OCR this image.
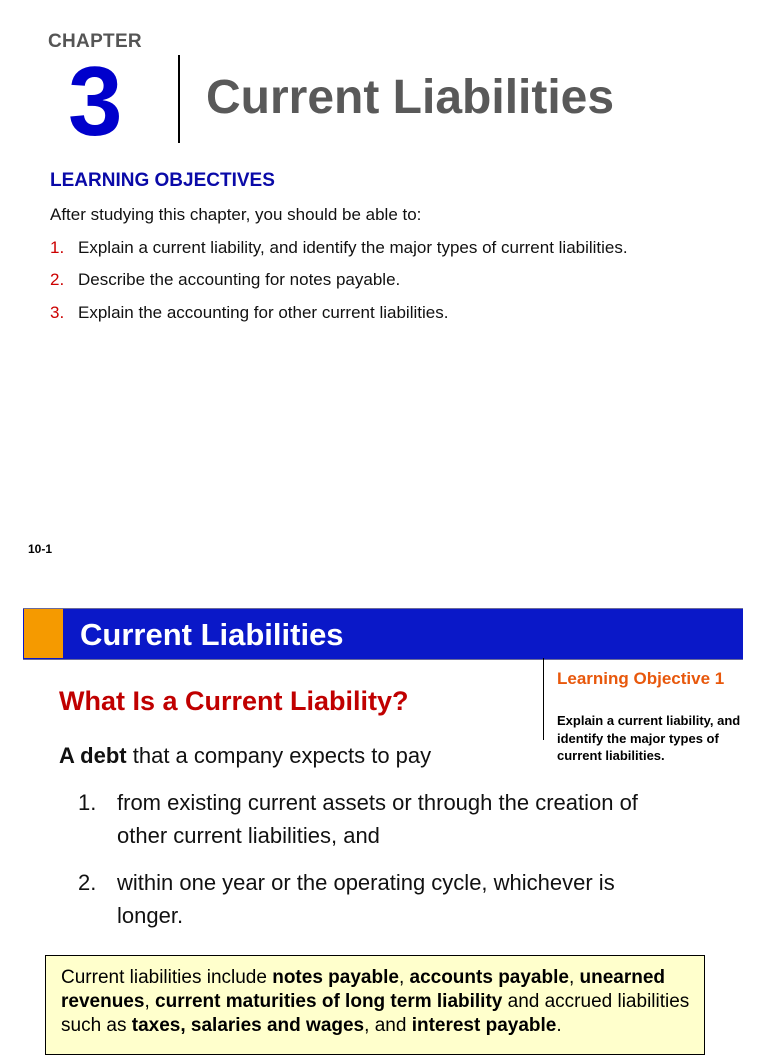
CHAPTER
3 Current Liabilities
LEARNING OBJECTIVES
After studying this chapter, you should be able to:
1. Explain a current liability, and identify the major types of current liabilities.
2. Describe the accounting for notes payable.
3. Explain the accounting for other current liabilities.
10-1
Current Liabilities
Learning Objective 1
Explain a current liability, and identify the major types of current liabilities.
What Is a Current Liability?
A debt that a company expects to pay
1. from existing current assets or through the creation of other current liabilities, and
2. within one year or the operating cycle, whichever is longer.
Current liabilities include notes payable, accounts payable, unearned revenues, current maturities of long term liability and accrued liabilities such as taxes, salaries and wages, and interest payable.
